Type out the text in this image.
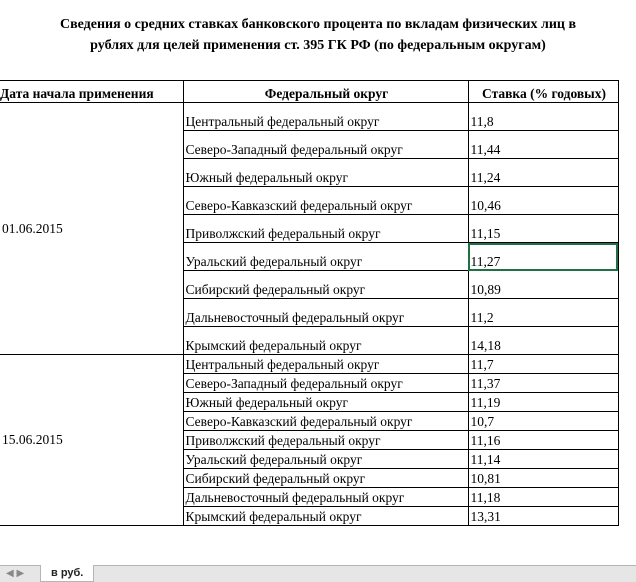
Сведения о средних ставках банковского процента по вкладам физических лиц в
рублях для целей применения ст. 395 ГК РФ (по федеральным округам)
Дата начала применения	Федеральный округ	Ставка (% годовых)
01.06.2015	Центральный федеральный округ	11,8
	Северо-Западный федеральный округ	11,44
	Южный федеральный округ	11,24
	Северо-Кавказский федеральный округ	10,46
	Приволжский федеральный округ	11,15
	Уральский федеральный округ	11,27
	Сибирский федеральный округ	10,89
	Дальневосточный федеральный округ	11,2
	Крымский федеральный округ	14,18
15.06.2015	Центральный федеральный округ	11,7
	Северо-Западный федеральный округ	11,37
	Южный федеральный округ	11,19
	Северо-Кавказский федеральный округ	10,7
	Приволжский федеральный округ	11,16
	Уральский федеральный округ	11,14
	Сибирский федеральный округ	10,81
	Дальневосточный федеральный округ	11,18
	Крымский федеральный округ	13,31
◀ ▶	в руб.
